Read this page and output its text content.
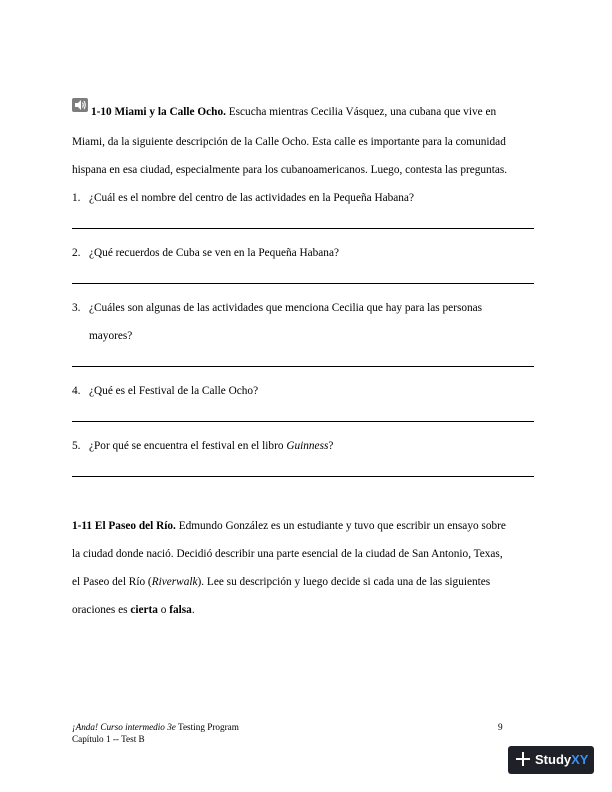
1-10 Miami y la Calle Ocho. Escucha mientras Cecilia Vásquez, una cubana que vive en
Miami, da la siguiente descripción de la Calle Ocho. Esta calle es importante para la comunidad
hispana en esa ciudad, especialmente para los cubanoamericanos. Luego, contesta las preguntas.
1. ¿Cuál es el nombre del centro de las actividades en la Pequeña Habana?
2. ¿Qué recuerdos de Cuba se ven en la Pequeña Habana?
3. ¿Cuáles son algunas de las actividades que menciona Cecilia que hay para las personas
mayores?
4. ¿Qué es el Festival de la Calle Ocho?
5. ¿Por qué se encuentra el festival en el libro Guinness?
1-11 El Paseo del Río. Edmundo González es un estudiante y tuvo que escribir un ensayo sobre
la ciudad donde nació. Decidió describir una parte esencial de la ciudad de San Antonio, Texas,
el Paseo del Río (Riverwalk). Lee su descripción y luego decide si cada una de las siguientes
oraciones es cierta o falsa.
¡Anda! Curso intermedio 3e Testing Program
Capítulo 1 -- Test B
9
StudyXY
